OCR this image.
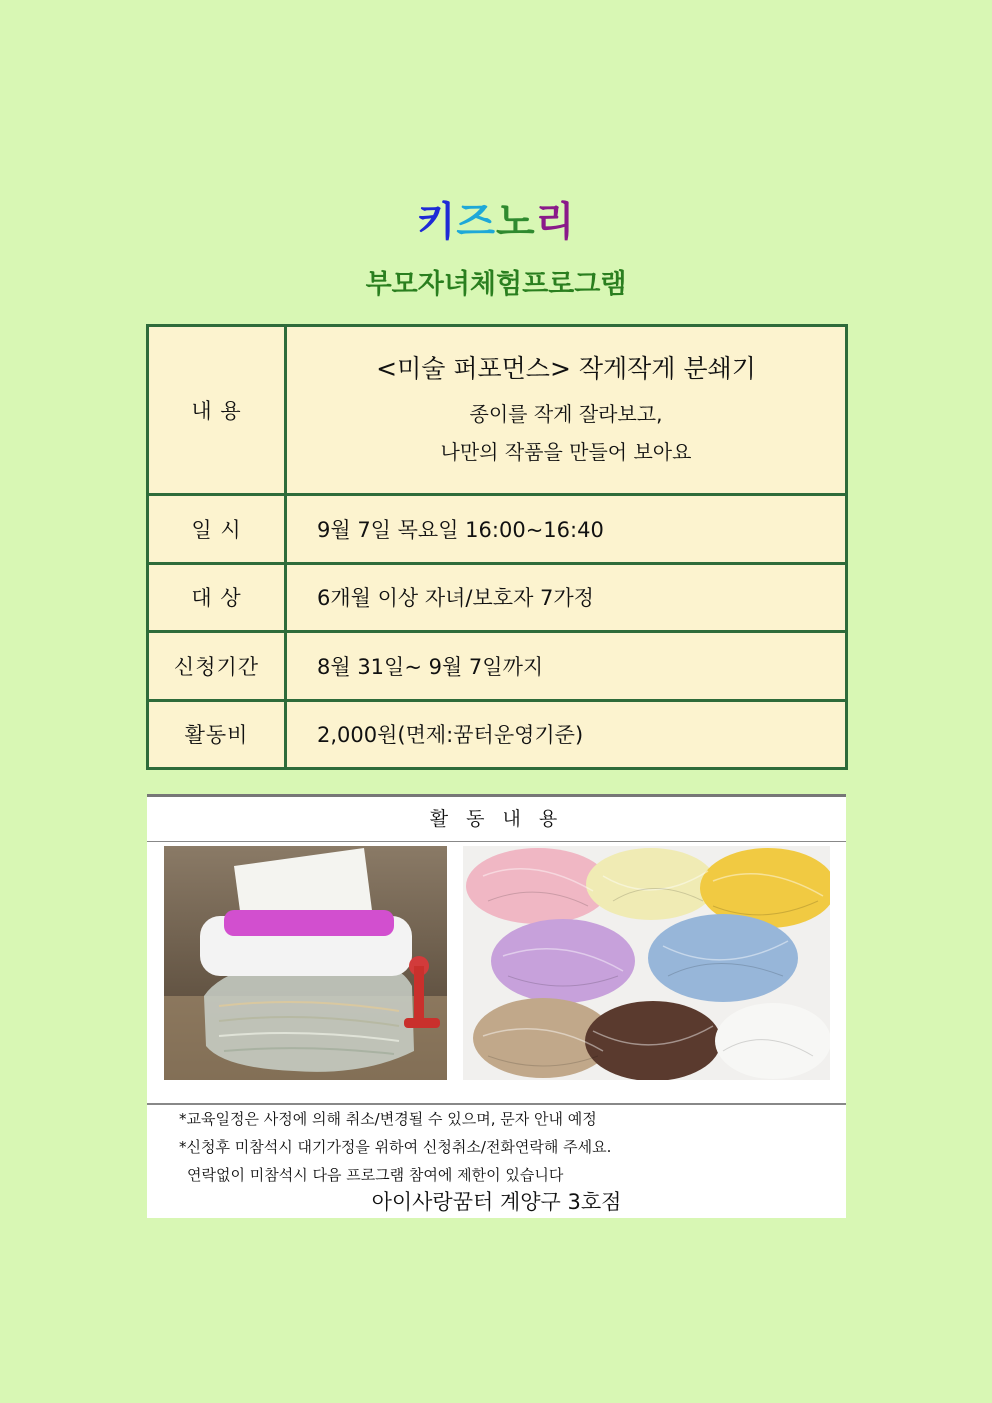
키즈노리
부모자녀체험프로그램
내 용	<미술 퍼포먼스> 작게작게 분쇄기
종이를 작게 잘라보고,
나만의 작품을 만들어 보아요

일 시	9월 7일 목요일 16:00~16:40
대 상	6개월 이상 자녀/보호자 7가정
신청기간	8월 31일~ 9월 7일까지
활동비	2,000원(면제:꿈터운영기준)
활 동 내 용
*교육일정은 사정에 의해 취소/변경될 수 있으며, 문자 안내 예정
*신청후 미참석시 대기가정을 위하여 신청취소/전화연락해 주세요.
연락없이 미참석시 다음 프로그램 참여에 제한이 있습니다
아이사랑꿈터 계양구 3호점
